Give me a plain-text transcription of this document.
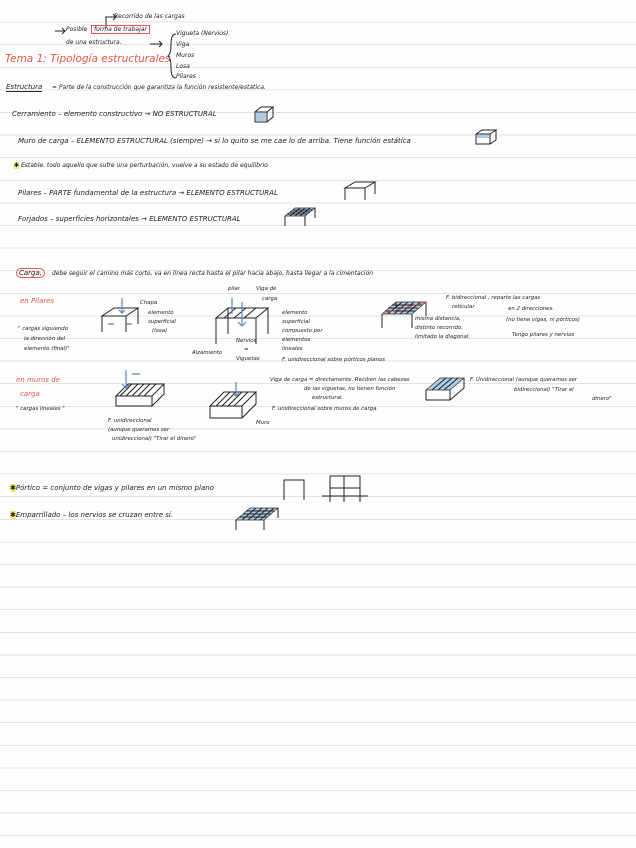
Recorrido de las cargas
Posible	forma de trabajar
de una estructura.
Tema 1: Tipología estructurales
Vigueta (Nervios).
Viga
Muros
Losa
Pilares
Estructura = Parte de la construcción que garantiza la función resistente/estática.
Cerramiento – elemento constructivo → NO ESTRUCTURAL
Muro de carga – ELEMENTO ESTRUCTURAL (siempre) → si lo quito se me cae lo de arriba. Tiene función estática
✱ Estable. todo aquello que sufre una perturbación, vuelve a su estado de equilibrio
Pilares – PARTE fundamental de la estructura → ELEMENTO ESTRUCTURAL
Forjados – superficies horizontales → ELEMENTO ESTRUCTURAL
Carga,	debe seguir el camino más corto, va en línea recta hasta el pilar hacia abajo, hasta llegar a la cimentación
en Pilares
" cargas siguiendo
la dirección del
elemento (final)"
Chapa
elemento
superficial
(losa)
pilar	Viga de
carga
Alzamiento
Nervios
=
Viguetas
elemento
superficial
compuesto por
elementos
lineales
F. unidireccional sobre pórticos planos
F. bidireccional , reparte las cargas
reticular	en 2 direcciones.
(no tiene vigas, ni pórticos)
misma distancia,
distinto recorrido,
limitado la diagonal.	Tengo pilares y nervios
en muros de
carga
" cargas lineales "
F. unidireccional
(aunque queramos ser
unidireccional) "Tirar el dinero"
Viga de carga = directamente. Reciben las cabezas
de las viguetas, no tienen función
estructural.
Muro
F. unidireccional sobre muros de carga.
F. Unidireccional (aunque queramos ser
bidireccional) "Tirar el
dinero"
✱Pórtico = conjunto de vigas y pilares en un mismo plano
✱Emparrillado – los nervios se cruzan entre sí.
